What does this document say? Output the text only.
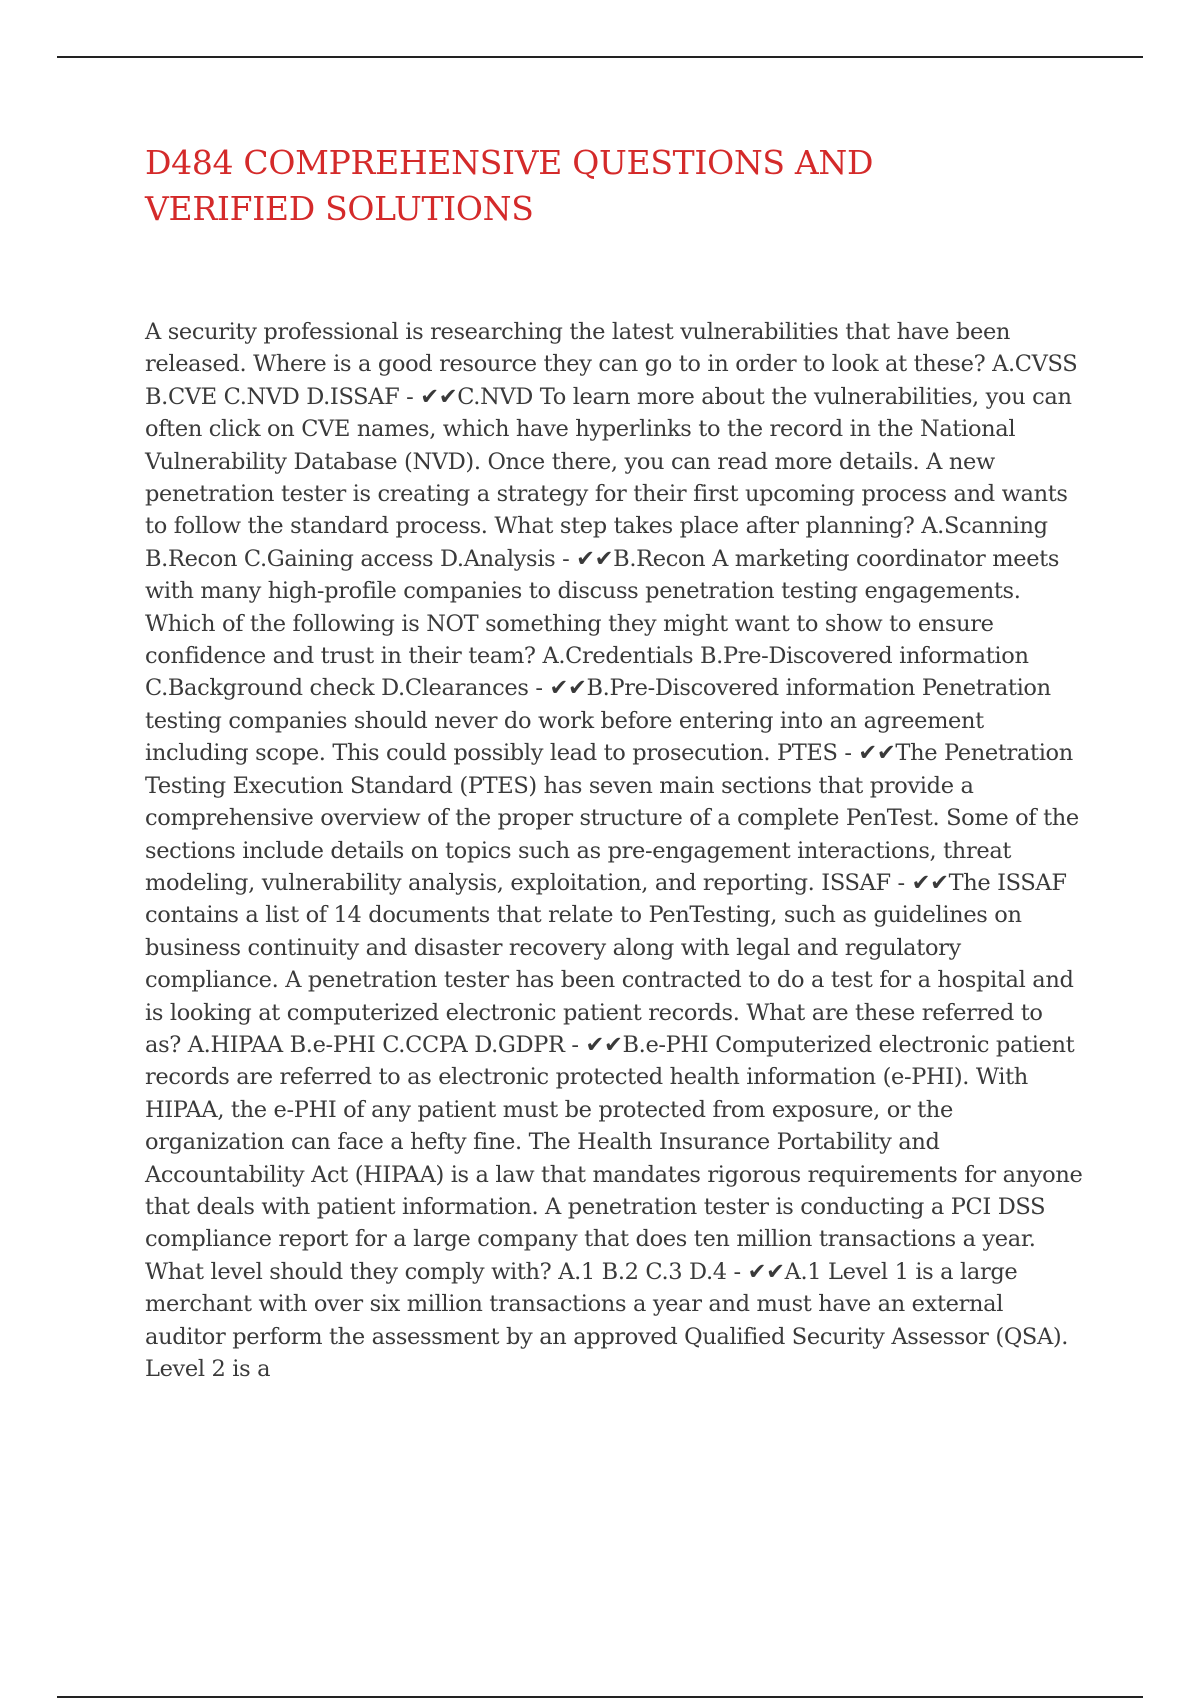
D484 COMPREHENSIVE QUESTIONS AND VERIFIED SOLUTIONS

A security professional is researching the latest vulnerabilities that have been released. Where is a good resource they can go to in order to look at these? A.CVSS B.CVE C.NVD D.ISSAF - ✔✔C.NVD To learn more about the vulnerabilities, you can often click on CVE names, which have hyperlinks to the record in the National Vulnerability Database (NVD). Once there, you can read more details. A new penetration tester is creating a strategy for their first upcoming process and wants to follow the standard process. What step takes place after planning? A.Scanning B.Recon C.Gaining access D.Analysis - ✔✔B.Recon A marketing coordinator meets with many high-profile companies to discuss penetration testing engagements. Which of the following is NOT something they might want to show to ensure confidence and trust in their team? A.Credentials B.Pre-Discovered information C.Background check D.Clearances - ✔✔B.Pre-Discovered information Penetration testing companies should never do work before entering into an agreement including scope. This could possibly lead to prosecution. PTES - ✔✔The Penetration Testing Execution Standard (PTES) has seven main sections that provide a comprehensive overview of the proper structure of a complete PenTest. Some of the sections include details on topics such as pre-engagement interactions, threat modeling, vulnerability analysis, exploitation, and reporting. ISSAF - ✔✔The ISSAF contains a list of 14 documents that relate to PenTesting, such as guidelines on business continuity and disaster recovery along with legal and regulatory compliance. A penetration tester has been contracted to do a test for a hospital and is looking at computerized electronic patient records. What are these referred to as? A.HIPAA B.e-PHI C.CCPA D.GDPR - ✔✔B.e-PHI Computerized electronic patient records are referred to as electronic protected health information (e-PHI). With HIPAA, the e-PHI of any patient must be protected from exposure, or the organization can face a hefty fine. The Health Insurance Portability and Accountability Act (HIPAA) is a law that mandates rigorous requirements for anyone that deals with patient information. A penetration tester is conducting a PCI DSS compliance report for a large company that does ten million transactions a year. What level should they comply with? A.1 B.2 C.3 D.4 - ✔✔A.1 Level 1 is a large merchant with over six million transactions a year and must have an external auditor perform the assessment by an approved Qualified Security Assessor (QSA). Level 2 is a
